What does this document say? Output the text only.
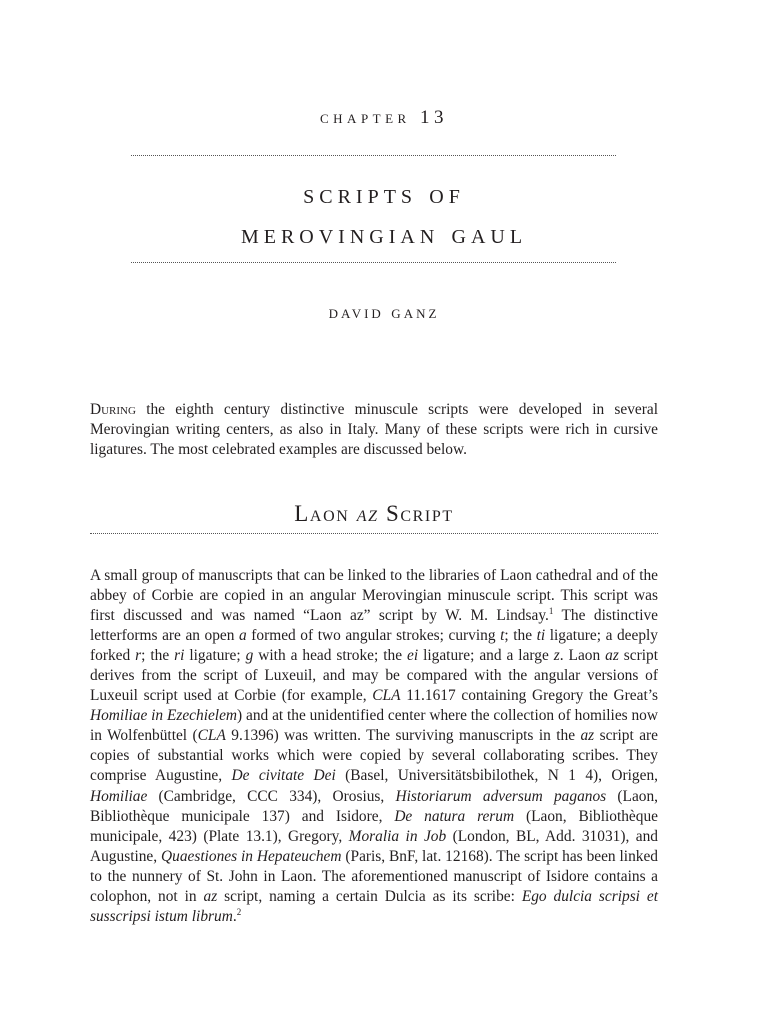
chapter 13
scripts of
merovingian gaul
david ganz

During the eighth century distinctive minuscule scripts were developed in several Merovingian writing centers, as also in Italy. Many of these scripts were rich in cursive ligatures. The most celebrated examples are discussed below.

Laon az Script

A small group of manuscripts that can be linked to the libraries of Laon cathedral and of the abbey of Corbie are copied in an angular Merovingian minuscule script. This script was first discussed and was named “Laon az” script by W. M. Lindsay.$^1$ The distinctive letterforms are an open a formed of two angular strokes; curving t; the ti ligature; a deeply forked r; the ri ligature; g with a head stroke; the ei ligature; and a large z. Laon az script derives from the script of Luxeuil, and may be compared with the angular versions of Luxeuil script used at Corbie (for example, CLA 11.1617 containing Gregory the Great’s Homiliae in Ezechielem) and at the unidentified center where the collection of homilies now in Wolfenbüttel (CLA 9.1396) was written. The surviving manuscripts in the az script are copies of substantial works which were copied by several collaborating scribes. They comprise Augustine, De civitate Dei (Basel, Universitätsbibilothek, N 1 4), Origen, Homiliae (Cambridge, CCC 334), Orosius, Historiarum adversum paganos (Laon, Bibliothèque municipale 137) and Isidore, De natura rerum (Laon, Bibliothèque municipale, 423) (Plate 13.1), Gregory, Moralia in Job (London, BL, Add. 31031), and Augustine, Quaestiones in Hepateuchem (Paris, BnF, lat. 12168). The script has been linked to the nunnery of St. John in Laon. The aforementioned manuscript of Isidore contains a colophon, not in az script, naming a certain Dulcia as its scribe: Ego dulcia scripsi et susscripsi istum librum.$^2$
